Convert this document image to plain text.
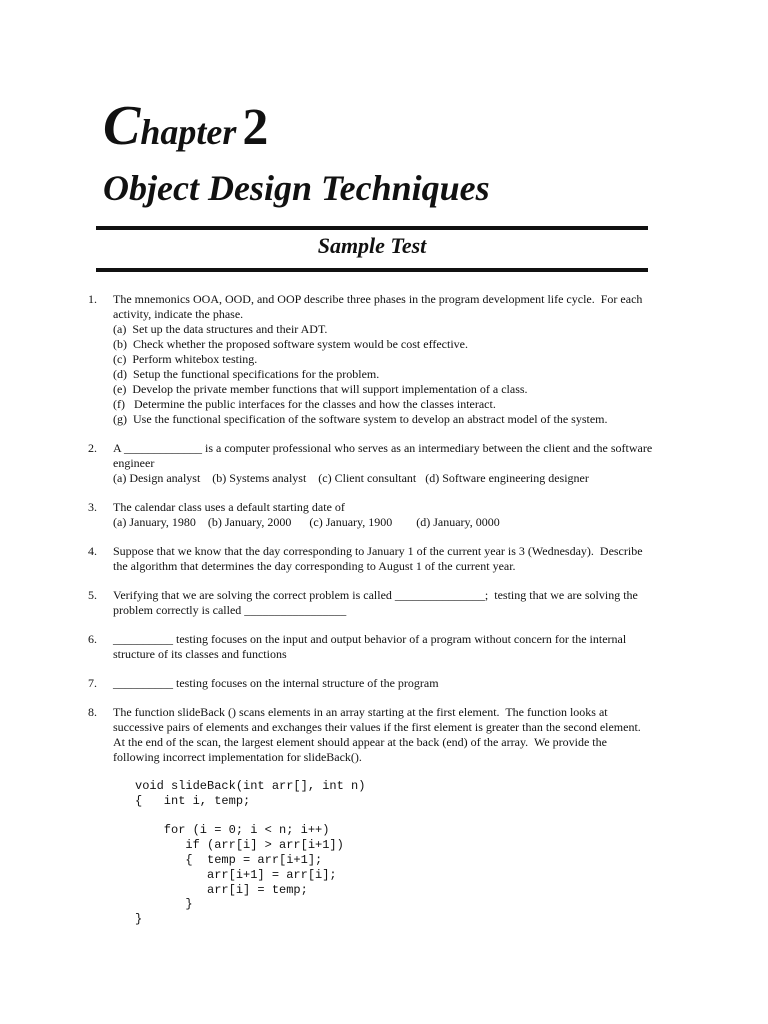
Chapter 2
Object Design Techniques
Sample Test
1.	The mnemonics OOA, OOD, and OOP describe three phases in the program development life cycle.  For each
activity, indicate the phase.
(a)  Set up the data structures and their ADT.
(b)  Check whether the proposed software system would be cost effective.
(c)  Perform whitebox testing.
(d)  Setup the functional specifications for the problem.
(e)  Develop the private member functions that will support implementation of a class.
(f)   Determine the public interfaces for the classes and how the classes interact.
(g)  Use the functional specification of the software system to develop an abstract model of the system.
2.	A _____________ is a computer professional who serves as an intermediary between the client and the software
engineer
(a) Design analyst    (b) Systems analyst    (c) Client consultant   (d) Software engineering designer
3.	The calendar class uses a default starting date of
(a) January, 1980    (b) January, 2000      (c) January, 1900        (d) January, 0000
4.	Suppose that we know that the day corresponding to January 1 of the current year is 3 (Wednesday).  Describe
the algorithm that determines the day corresponding to August 1 of the current year.
5.	Verifying that we are solving the correct problem is called _______________;  testing that we are solving the
problem correctly is called _________________
6.	__________ testing focuses on the input and output behavior of a program without concern for the internal
structure of its classes and functions
7.	__________ testing focuses on the internal structure of the program
8.	The function slideBack () scans elements in an array starting at the first element.  The function looks at
successive pairs of elements and exchanges their values if the first element is greater than the second element.
At the end of the scan, the largest element should appear at the back (end) of the array.  We provide the
following incorrect implementation for slideBack().
void slideBack(int arr[], int n)
{   int i, temp;

for (i = 0; i < n; i++)
if (arr[i] > arr[i+1])
{  temp = arr[i+1];
arr[i+1] = arr[i];
arr[i] = temp;
}
}
